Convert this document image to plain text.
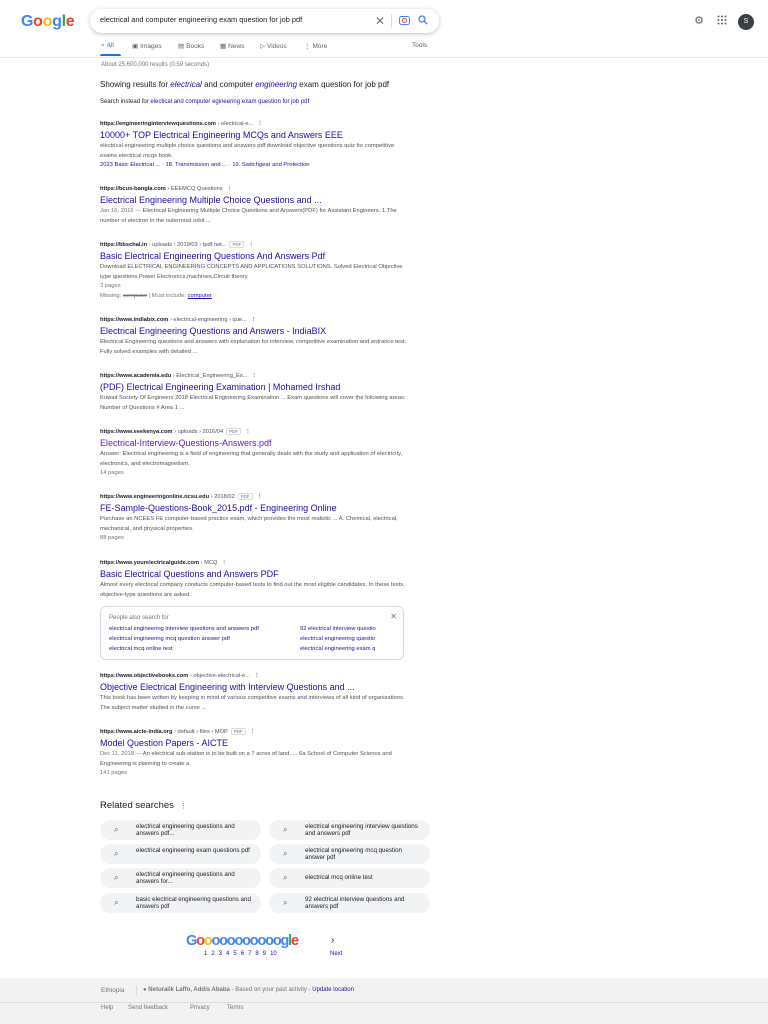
Google	electrical and computer engineering exam question for job pdf	✕	⚙	S
⌕ All	▣ Images	▤ Books ▦ News ▷ Videos	⋮ More	Tools
About 25,600,000 results (0.59 seconds)
Showing results for electrical and computer engineering exam question for job pdf
Search instead for electical and computer egineering exam question for job pdf
https://engineeringinterviewquestions.com › electrical-e... ⋮
10000+ TOP Electrical Engineering MCQs and Answers EEE
electrical engineering multiple choice questions and answers pdf download objective questions quiz for competitive exams electrical mcqs book.
2023 Basic Electrical ... · 18. Transmission and ... · 19. Switchgear and Protection
https://bcus-bangla.com › EEEMCQ Questions ⋮
Electrical Engineering Multiple Choice Questions and ...
Jan 16, 2016 — Electrical Engineering Multiple Choice Questions and Answers(PDF) for Assistant Engineers. 1.The number of electron in the outermost orbit ...
https://bbschal.in › uploads › 2019/03 › tpdf.net... PDF ⋮
Basic Electrical Engineering Questions And Answers Pdf
Download ELECTRICAL ENGINEERING CONCEPTS AND APPLICATIONS SOLUTIONS. Solved Electrical Objective type questions,Power Electronics,machines,Circuit theory.
3 pages
Missing: computer | Must include: computer
https://www.indiabix.com › electrical-engineering › que... ⋮
Electrical Engineering Questions and Answers - IndiaBIX
Electrical Engineering questions and answers with explanation for interview, competitive examination and entrance test. Fully solved examples with detailed ...
https://www.academia.edu › Electrical_Engineering_Ex... ⋮
(PDF) Electrical Engineering Examination | Mohamed Irshad
Kuwait Society Of Engineers 2018 Electrical Engineering Examination ... Exam questions will cover the following areas: Number of Questions # Area 1 ...
https://www.eeekenya.com › uploads › 2016/04 PDF ⋮
Electrical-Interview-Questions-Answers.pdf
Answer: Electrical engineering is a field of engineering that generally deals with the study and application of electricity, electronics, and electromagnetism.
14 pages
https://www.engineeringonline.ncsu.edu › 2018/02 PDF ⋮
FE-Sample-Questions-Book_2015.pdf - Engineering Online
Purchase an NCEES FE computer-based practice exam, which provides the most realistic ... A. Chemical, electrical, mechanical, and physical properties.
88 pages
https://www.yourelectricalguide.com › MCQ ⋮
Basic Electrical Questions and Answers PDF
Almost every electrical company conducts computer-based tests to find out the most eligible candidates. In these tests, objective-type questions are asked.
People also search for	✕
electrical engineering interview questions and answers pdf	92 electrical interview questio
electrical engineering mcq question answer pdf	electrical engineering questio
electrical mcq online test	electrical engineering exam q
https://www.objectivebooks.com › objective-electrical-e... ⋮
Objective Electrical Engineering with Interview Questions and ...
This book has been written by keeping in mind of various competitive exams and interviews of all kind of organizations. The subject matter studied in the curse ...
https://www.aicte-india.org › default › files › MOP PDF ⋮
Model Question Papers - AICTE
Dec 11, 2018 — An electrical sub-station is to be built on a 7 acres of land. ... 6a School of Computer Science and Engineering is planning to create a.
141 pages
Related searches ⋮
⌕	electrical engineering questions and answers pdf...	⌕	electrical engineering interview questions and answers pdf
⌕	electrical engineering exam questions pdf	⌕	electrical engineering mcq question answer pdf
⌕	electrical engineering questions and answers for...	⌕	electrical mcq online test
⌕	basic electrical engineering questions and answers pdf	⌕	92 electrical interview questions and answers pdf
Gooooooooooogle	›
1 2 3 4 5 6 7 8 9 10	Next
Ethiopia	● Neturalik Laffo, Addis Ababa - Based on your past activity - Update location
Help Send feedback	Privacy	Terms
